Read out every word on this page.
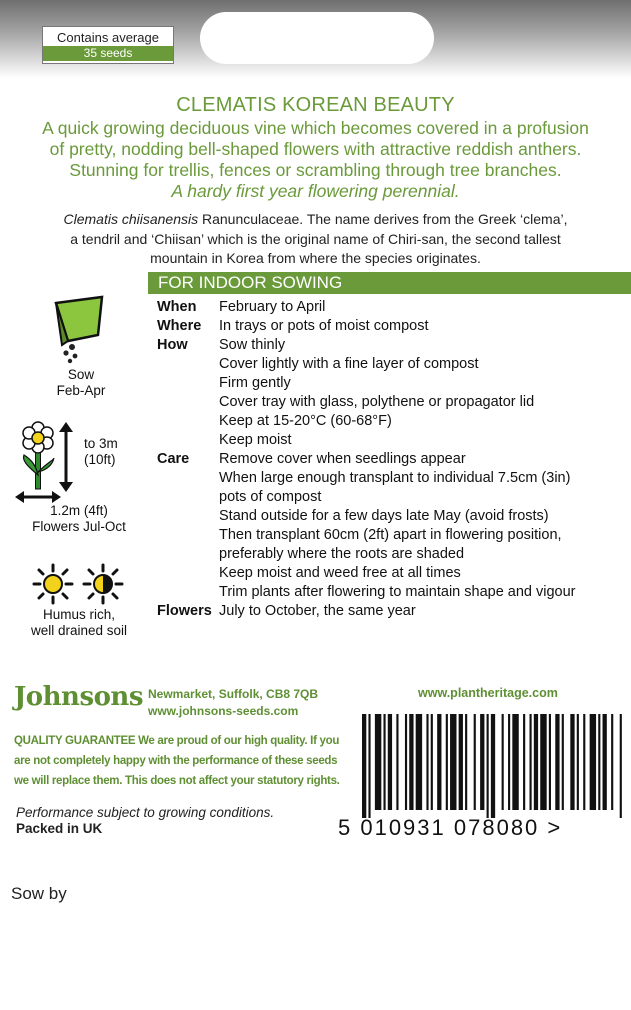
Contains average
35 seeds
CLEMATIS KOREAN BEAUTY

A quick growing deciduous vine which becomes covered in a profusion

of pretty, nodding bell-shaped flowers with attractive reddish anthers.

Stunning for trellis, fences or scrambling through tree branches.

A hardy first year flowering perennial.

Clematis chiisanensis Ranunculaceae. The name derives from the Greek ‘clema’,
a tendril and ‘Chiisan’ which is the original name of Chiri-san, the second tallest
mountain in Korea from where the species originates.
FOR INDOOR SOWING
When	February to April
Where	In trays or pots of moist compost
How	Sow thinly
Cover lightly with a fine layer of compost
Firm gently
Cover tray with glass, polythene or propagator lid
Keep at 15-20°C (60-68°F)
Keep moist
Care	Remove cover when seedlings appear
When large enough transplant to individual 7.5cm (3in)
pots of compost
Stand outside for a few days late May (avoid frosts)
Then transplant 60cm (2ft) apart in flowering position,
preferably where the roots are shaded
Keep moist and weed free at all times
Trim plants after flowering to maintain shape and vigour
Flowers July to October, the same year
Sow
Feb-Apr
to 3m
(10ft)
1.2m (4ft)
Flowers Jul-Oct
Humus rich,
well drained soil
Johnsons Newmarket, Suffolk, CB8 7QB
www.johnsons-seeds.com
QUALITY GUARANTEE We are proud of our high quality. If you
are not completely happy with the performance of these seeds
we will replace them. This does not affect your statutory rights.
www.plantheritage.com
5 010931 078080 >
Performance subject to growing conditions.
Packed in UK
Sow by
